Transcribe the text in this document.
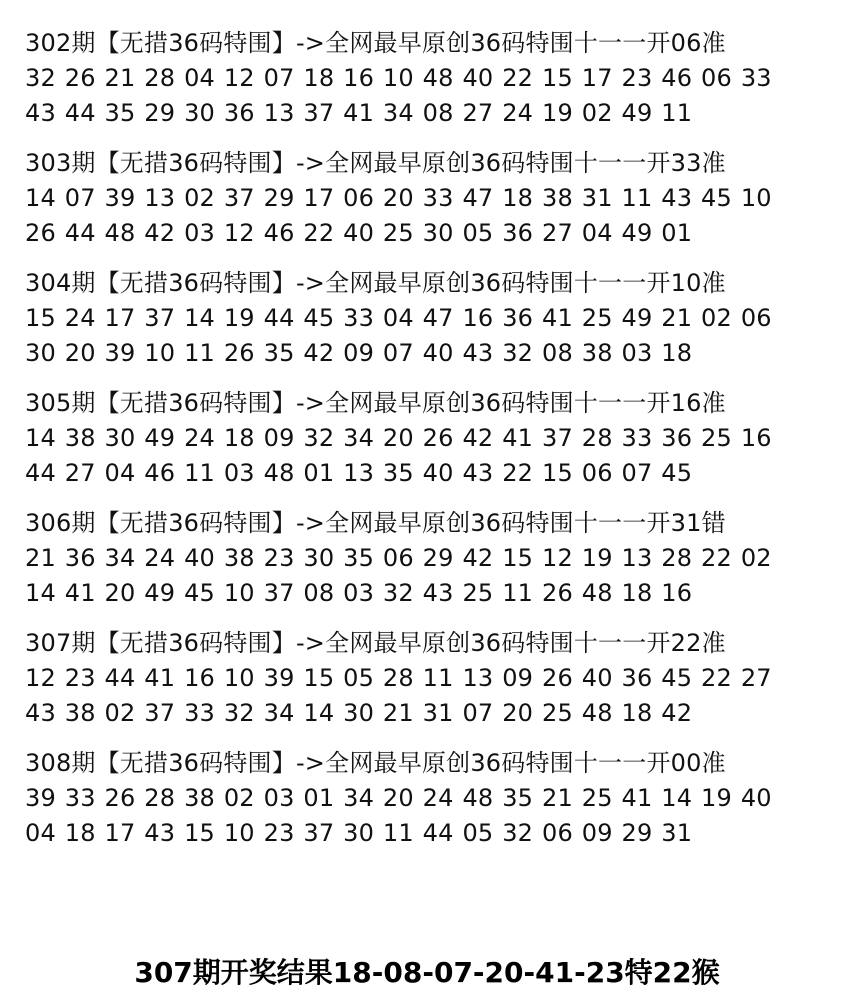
302期【无措36码特围】->全网最早原创36码特围十一一开06准
32 26 21 28 04 12 07 18 16 10 48 40 22 15 17 23 46 06 33
43 44 35 29 30 36 13 37 41 34 08 27 24 19 02 49 11
303期【无措36码特围】->全网最早原创36码特围十一一开33准
14 07 39 13 02 37 29 17 06 20 33 47 18 38 31 11 43 45 10
26 44 48 42 03 12 46 22 40 25 30 05 36 27 04 49 01
304期【无措36码特围】->全网最早原创36码特围十一一开10准
15 24 17 37 14 19 44 45 33 04 47 16 36 41 25 49 21 02 06
30 20 39 10 11 26 35 42 09 07 40 43 32 08 38 03 18
305期【无措36码特围】->全网最早原创36码特围十一一开16准
14 38 30 49 24 18 09 32 34 20 26 42 41 37 28 33 36 25 16
44 27 04 46 11 03 48 01 13 35 40 43 22 15 06 07 45
306期【无措36码特围】->全网最早原创36码特围十一一开31错
21 36 34 24 40 38 23 30 35 06 29 42 15 12 19 13 28 22 02
14 41 20 49 45 10 37 08 03 32 43 25 11 26 48 18 16
307期【无措36码特围】->全网最早原创36码特围十一一开22准
12 23 44 41 16 10 39 15 05 28 11 13 09 26 40 36 45 22 27
43 38 02 37 33 32 34 14 30 21 31 07 20 25 48 18 42
308期【无措36码特围】->全网最早原创36码特围十一一开00准
39 33 26 28 38 02 03 01 34 20 24 48 35 21 25 41 14 19 40
04 18 17 43 15 10 23 37 30 11 44 05 32 06 09 29 31
307期开奖结果18-08-07-20-41-23特22猴
